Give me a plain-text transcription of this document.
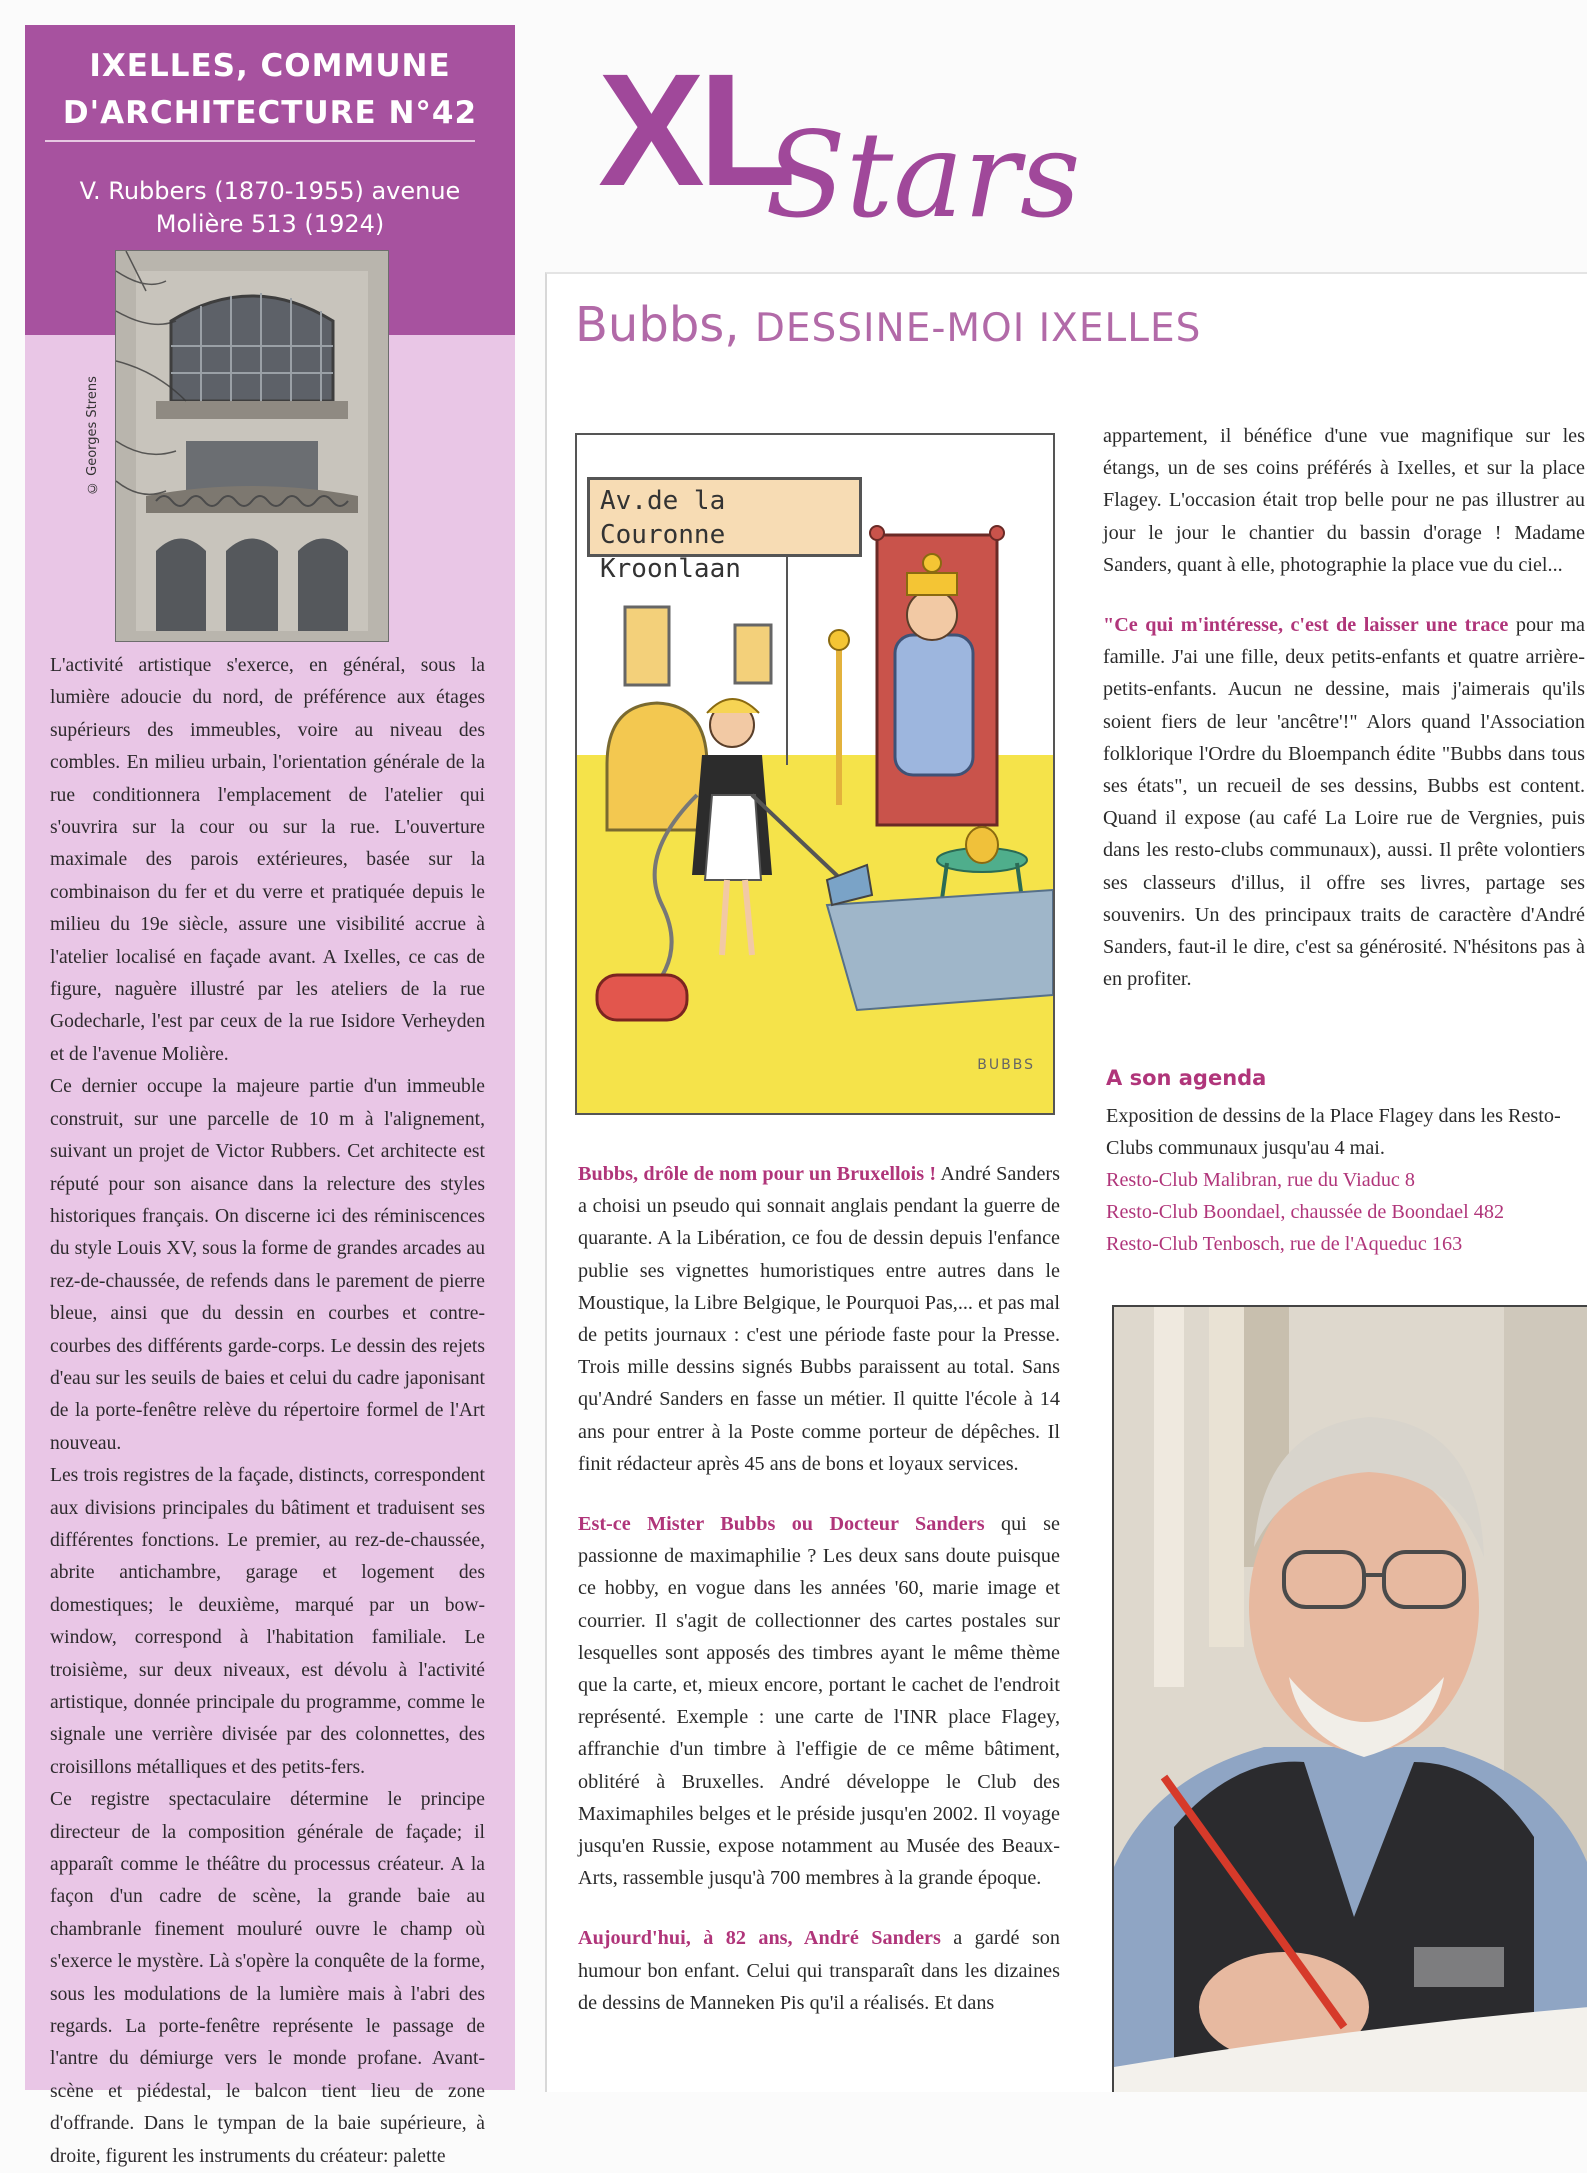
IXELLES, COMMUNE
D'ARCHITECTURE N°42
V. Rubbers (1870-1955) avenue
Molière 513 (1924)
© Georges Strens

L'activité artistique s'exerce, en général, sous la lumière adoucie du nord, de préférence aux étages supérieurs des immeubles, voire au niveau des combles. En milieu urbain, l'orientation générale de la rue conditionnera l'emplacement de l'atelier qui s'ouvrira sur la cour ou sur la rue. L'ouverture maximale des parois extérieures, basée sur la combinaison du fer et du verre et pratiquée depuis le milieu du 19e siècle, assure une visibilité accrue à l'atelier localisé en façade avant. A Ixelles, ce cas de figure, naguère illustré par les ateliers de la rue Godecharle, l'est par ceux de la rue Isidore Verheyden et de l'avenue Molière.

Ce dernier occupe la majeure partie d'un immeuble construit, sur une parcelle de 10 m à l'alignement, suivant un projet de Victor Rubbers. Cet architecte est réputé pour son aisance dans la relecture des styles historiques français. On discerne ici des réminiscences du style Louis XV, sous la forme de grandes arcades au rez-de-chaussée, de refends dans le parement de pierre bleue, ainsi que du dessin en courbes et contre- courbes des différents garde-corps. Le dessin des rejets d'eau sur les seuils de baies et celui du cadre japonisant de la porte-fenêtre relève du répertoire formel de l'Art nouveau.

Les trois registres de la façade, distincts, correspondent aux divisions principales du bâtiment et traduisent ses différentes fonctions. Le premier, au rez-de-chaussée, abrite antichambre, garage et logement des domestiques; le deuxième, marqué par un bow-window, correspond à l'habitation familiale. Le troisième, sur deux niveaux, est dévolu à l'activité artistique, donnée principale du programme, comme le signale une verrière divisée par des colonnettes, des croisillons métalliques et des petits-fers.

Ce registre spectaculaire détermine le principe directeur de la composition générale de façade; il apparaît comme le théâtre du processus créateur. A la façon d'un cadre de scène, la grande baie au chambranle finement mouluré ouvre le champ où s'exerce le mystère. Là s'opère la conquête de la forme, sous les modulations de la lumière mais à l'abri des regards. La porte-fenêtre représente le passage de l'antre du démiurge vers le monde profane. Avant-scène et piédestal, le balcon tient lieu de zone d'offrande. Dans le tympan de la baie supérieure, à droite, figurent les instruments du créateur: palette

XL
Stars
Bubbs, DESSINE-MOI IXELLES
Av.de la Couronne
Kroonlaan
BUBBS

Bubbs, drôle de nom pour un Bruxellois ! André Sanders a choisi un pseudo qui sonnait anglais pendant la guerre de quarante. A la Libération, ce fou de dessin depuis l'enfance publie ses vignettes humoristiques entre autres dans le Moustique, la Libre Belgique, le Pourquoi Pas,... et pas mal de petits journaux : c'est une période faste pour la Presse. Trois mille dessins signés Bubbs paraissent au total. Sans qu'André Sanders en fasse un métier. Il quitte l'école à 14 ans pour entrer à la Poste comme porteur de dépêches. Il finit rédacteur après 45 ans de bons et loyaux services.

Est-ce Mister Bubbs ou Docteur Sanders qui se passionne de maximaphilie ? Les deux sans doute puisque ce hobby, en vogue dans les années '60, marie image et courrier. Il s'agit de collectionner des cartes postales sur lesquelles sont apposés des timbres ayant le même thème que la carte, et, mieux encore, portant le cachet de l'endroit représenté. Exemple : une carte de l'INR place Flagey, affranchie d'un timbre à l'effigie de ce même bâtiment, oblitéré à Bruxelles. André développe le Club des Maximaphiles belges et le préside jusqu'en 2002. Il voyage jusqu'en Russie, expose notamment au Musée des Beaux-Arts, rassemble jusqu'à 700 membres à la grande époque.

Aujourd'hui, à 82 ans, André Sanders a gardé son humour bon enfant. Celui qui transparaît dans les dizaines de dessins de Manneken Pis qu'il a réalisés. Et dans

appartement, il bénéfice d'une vue magnifique sur les étangs, un de ses coins préférés à Ixelles, et sur la place Flagey. L'occasion était trop belle pour ne pas illustrer au jour le jour le chantier du bassin d'orage ! Madame Sanders, quant à elle, photographie la place vue du ciel...

"Ce qui m'intéresse, c'est de laisser une trace pour ma famille. J'ai une fille, deux petits-enfants et quatre arrière-petits-enfants. Aucun ne dessine, mais j'aimerais qu'ils soient fiers de leur 'ancêtre'!" Alors quand l'Association folklorique l'Ordre du Bloempanch édite "Bubbs dans tous ses états", un recueil de ses dessins, Bubbs est content. Quand il expose (au café La Loire rue de Vergnies, puis dans les resto-clubs communaux), aussi. Il prête volontiers ses classeurs d'illus, il offre ses livres, partage ses souvenirs. Un des principaux traits de caractère d'André Sanders, faut-il le dire, c'est sa générosité. N'hésitons pas à en profiter.

A son agenda
Exposition de dessins de la Place Flagey dans les Resto-Clubs communaux jusqu'au 4 mai.
Resto-Club Malibran, rue du Viaduc 8
Resto-Club Boondael, chaussée de Boondael 482
Resto-Club Tenbosch, rue de l'Aqueduc 163
